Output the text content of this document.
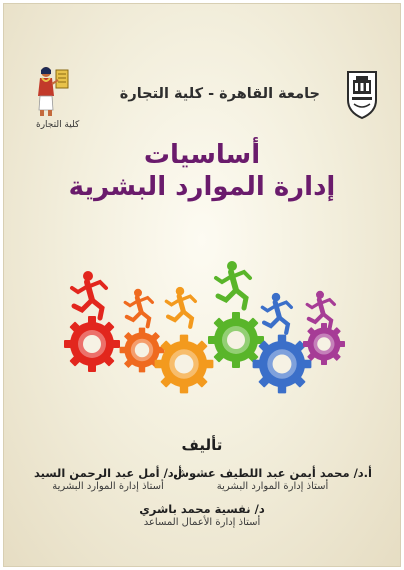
جامعة القاهرة - كلية التجارة
كلية التجارة
أساسيات
إدارة الموارد البشرية
تأليف
أ.د/ محمد أيمن عبد اللطيف عشوش
أستاذ إدارة الموارد البشرية
أ.د/ أمل عبد الرحمن السيد
أستاذ إدارة الموارد البشرية
د/ نفسية محمد باشري
أستاذ إدارة الأعمال المساعد
